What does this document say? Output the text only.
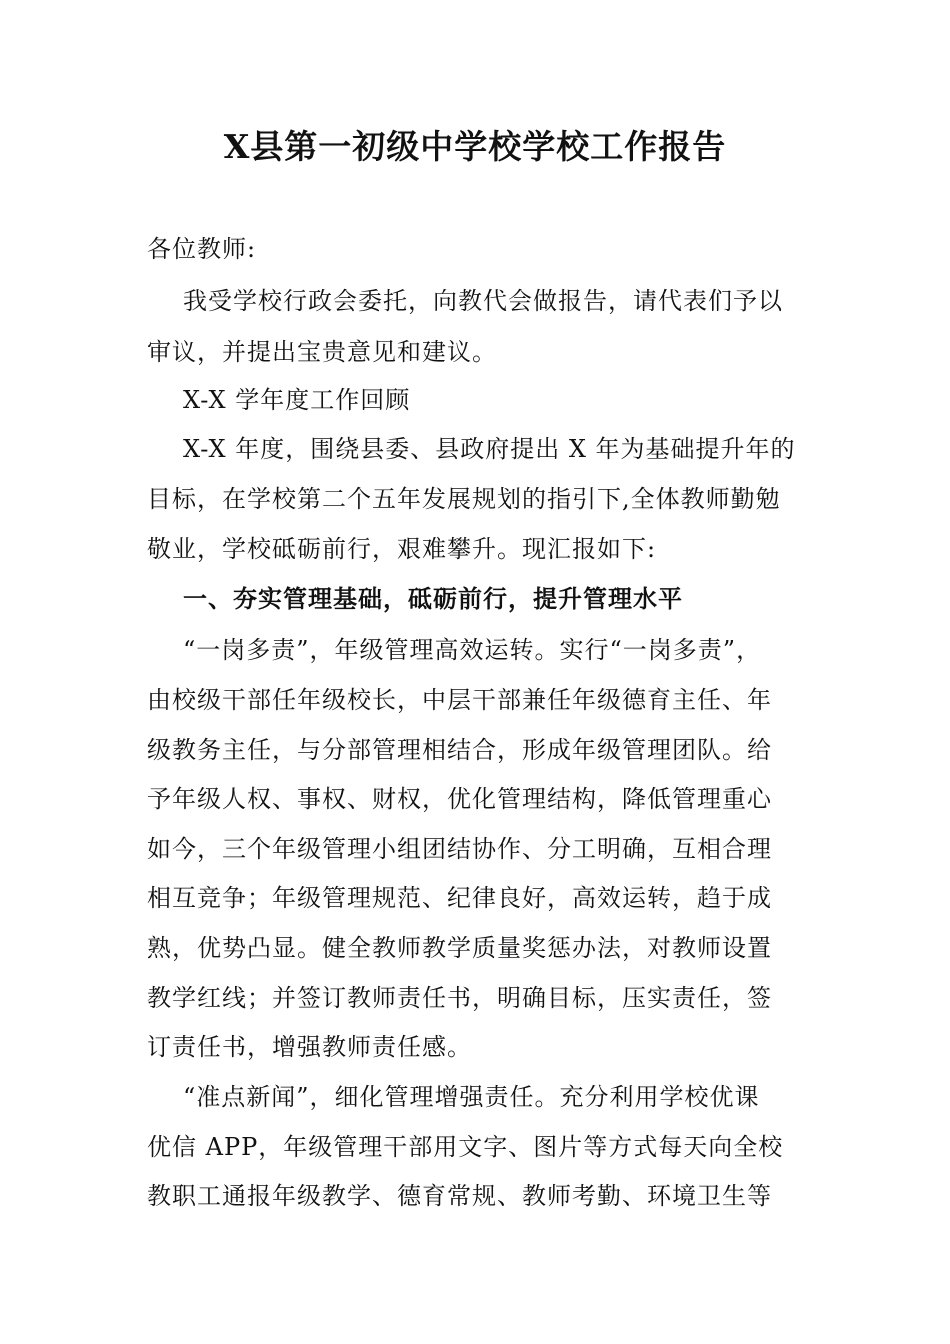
X县第一初级中学校学校工作报告
各位教师:
我受学校行政会委托，向教代会做报告，请代表们予以
审议，并提出宝贵意见和建议。
X-X 学年度工作回顾
X-X 年度，围绕县委、县政府提出 X 年为基础提升年的
目标，在学校第二个五年发展规划的指引下,全体教师勤勉
敬业，学校砥砺前行，艰难攀升。现汇报如下:
一、夯实管理基础，砥砺前行，提升管理水平
“一岗多责”，年级管理高效运转。实行“一岗多责”，
由校级干部任年级校长，中层干部兼任年级德育主任、年
级教务主任，与分部管理相结合，形成年级管理团队。给
予年级人权、事权、财权，优化管理结构，降低管理重心
如今，三个年级管理小组团结协作、分工明确，互相合理
相互竞争；年级管理规范、纪律良好，高效运转，趋于成
熟，优势凸显。健全教师教学质量奖惩办法，对教师设置
教学红线；并签订教师责任书，明确目标，压实责任，签
订责任书，增强教师责任感。
“准点新闻”，细化管理增强责任。充分利用学校优课
优信 APP，年级管理干部用文字、图片等方式每天向全校
教职工通报年级教学、德育常规、教师考勤、环境卫生等
